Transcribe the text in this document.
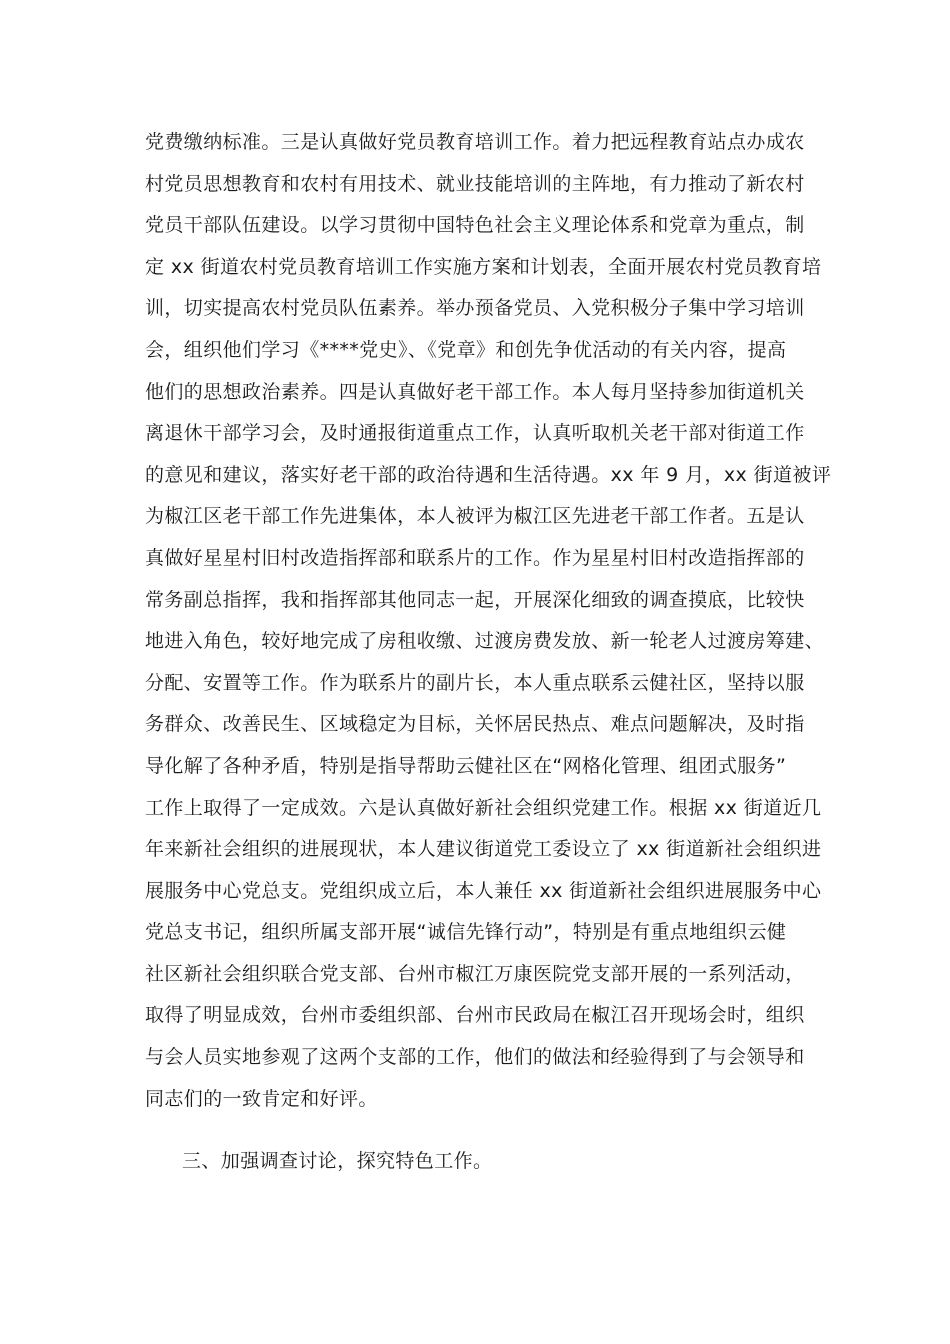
党费缴纳标准。三是认真做好党员教育培训工作。着力把远程教育站点办成农
村党员思想教育和农村有用技术、就业技能培训的主阵地，有力推动了新农村
党员干部队伍建设。以学习贯彻中国特色社会主义理论体系和党章为重点，制
定 xx 街道农村党员教育培训工作实施方案和计划表，全面开展农村党员教育培
训，切实提高农村党员队伍素养。举办预备党员、入党积极分子集中学习培训
会，组织他们学习《****党史》、《党章》和创先争优活动的有关内容，提高
他们的思想政治素养。四是认真做好老干部工作。本人每月坚持参加街道机关
离退休干部学习会，及时通报街道重点工作，认真听取机关老干部对街道工作
的意见和建议，落实好老干部的政治待遇和生活待遇。xx 年 9 月，xx 街道被评
为椒江区老干部工作先进集体，本人被评为椒江区先进老干部工作者。五是认
真做好星星村旧村改造指挥部和联系片的工作。作为星星村旧村改造指挥部的
常务副总指挥，我和指挥部其他同志一起，开展深化细致的调查摸底，比较快
地进入角色，较好地完成了房租收缴、过渡房费发放、新一轮老人过渡房筹建、
分配、安置等工作。作为联系片的副片长，本人重点联系云健社区，坚持以服
务群众、改善民生、区域稳定为目标，关怀居民热点、难点问题解决，及时指
导化解了各种矛盾，特别是指导帮助云健社区在“网格化管理、组团式服务”
工作上取得了一定成效。六是认真做好新社会组织党建工作。根据 xx 街道近几
年来新社会组织的进展现状，本人建议街道党工委设立了 xx 街道新社会组织进
展服务中心党总支。党组织成立后，本人兼任 xx 街道新社会组织进展服务中心
党总支书记，组织所属支部开展“诚信先锋行动”，特别是有重点地组织云健
社区新社会组织联合党支部、台州市椒江万康医院党支部开展的一系列活动，
取得了明显成效，台州市委组织部、台州市民政局在椒江召开现场会时，组织
与会人员实地参观了这两个支部的工作，他们的做法和经验得到了与会领导和
同志们的一致肯定和好评。
三、加强调查讨论，探究特色工作。
